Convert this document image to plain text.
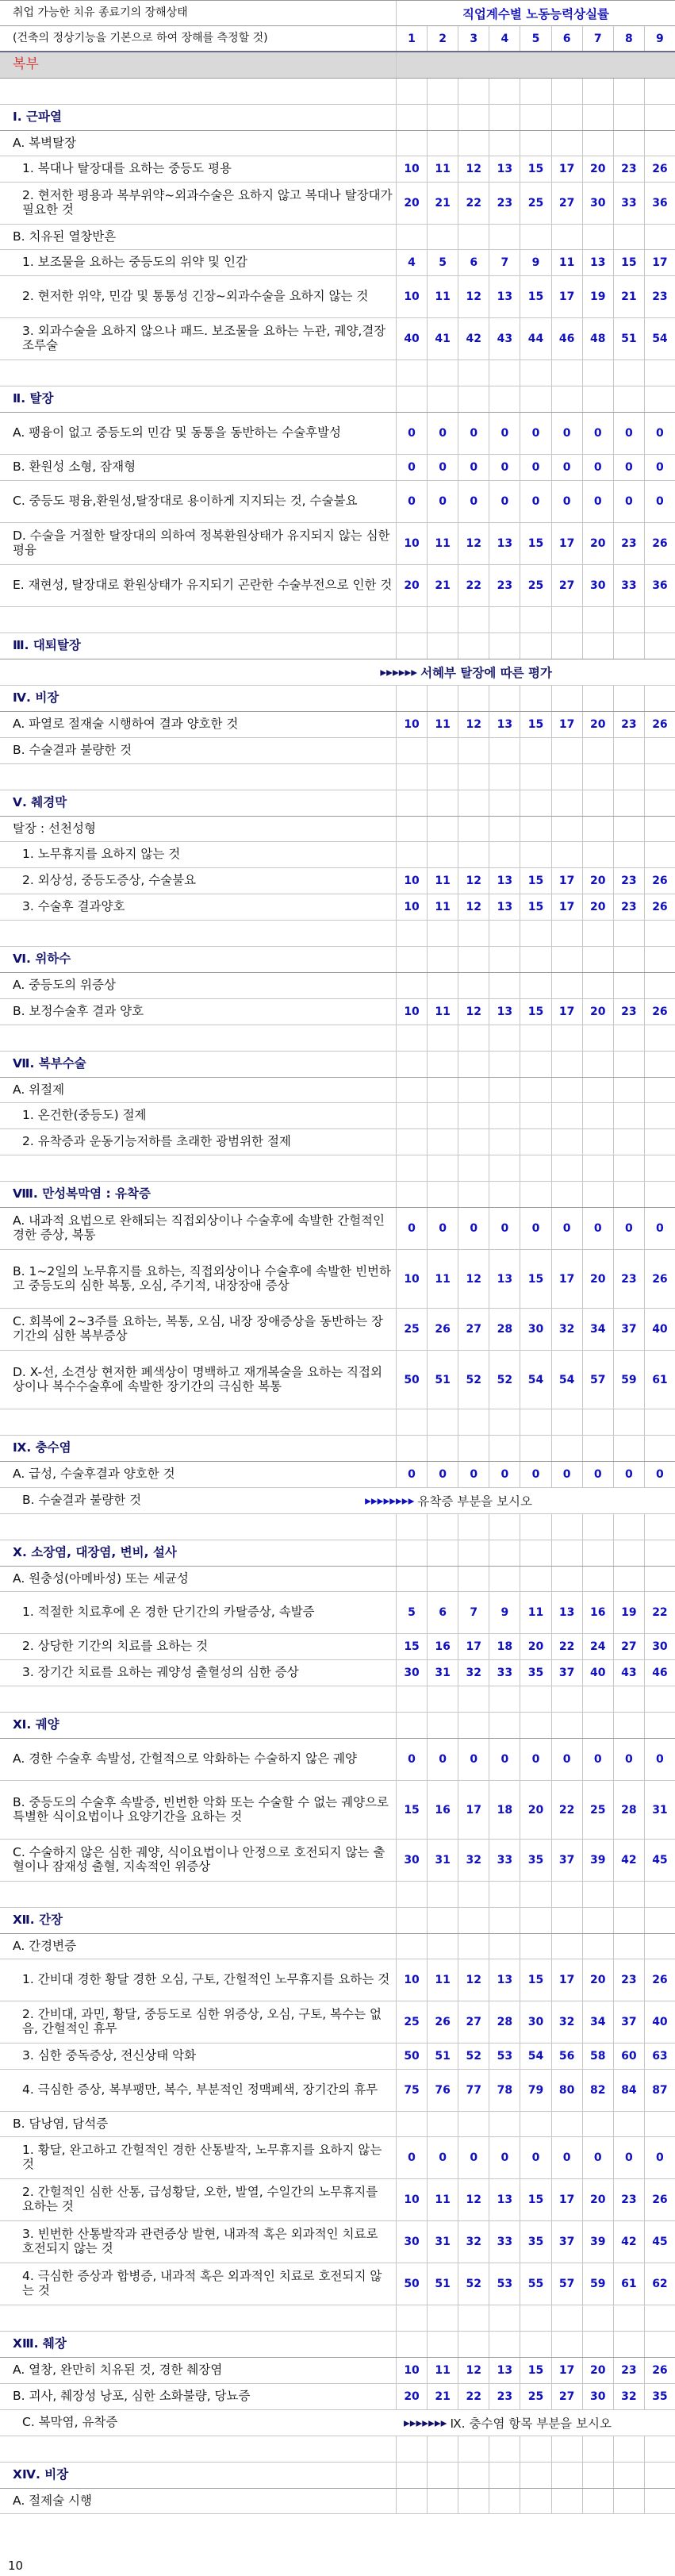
취업 가능한 치유 종료기의 장해상태	직업계수별 노동능력상실률
(건축의 정상기능을 기본으로 하여 장해를 측정할 것)	1	2	3	4	5	6	7	8	9
복부
Ⅰ. 근파열
A. 복벽탈장
1. 복대나 탈장대를 요하는 중등도 평용	10	11	12	13	15	17	20	23	26
2. 현저한 평용과 복부위약~외과수술은 요하지 않고 복대나 탈장대가 필요한 것	20	21	22	23	25	27	30	33	36
B. 치유된 열창반흔
1. 보조물을 요하는 중등도의 위약 및 인감	4	5	6	7	9	11	13	15	17
2. 현저한 위약, 민감 및 통통성 긴장~외과수술을 요하지 않는 것	10	11	12	13	15	17	19	21	23
3. 외과수술을 요하지 않으나 패드. 보조물을 요하는 누관, 궤양,결장조루술	40	41	42	43	44	46	48	51	54
Ⅱ. 탈장
A. 팽융이 없고 중등도의 민감 및 동통을 동반하는 수술후발성	0	0	0	0	0	0	0	0	0
B. 환원성 소형, 잠재형	0	0	0	0	0	0	0	0	0
C. 중등도 평융,환원성,탈장대로 용이하게 지지되는 것, 수술불요	0	0	0	0	0	0	0	0	0
D. 수술을 거절한 탈장대의 의하여 정복환원상태가 유지되지 않는 심한 평융	10	11	12	13	15	17	20	23	26
E. 재현성, 탈장대로 환원상태가 유지되기 곤란한 수술부전으로 인한 것	20	21	22	23	25	27	30	33	36
Ⅲ. 대퇴탈장
▸▸▸▸▸▸ 서혜부 탈장에 따른 평가
Ⅳ. 비장
A. 파열로 절재술 시행하여 결과 양호한 것	10	11	12	13	15	17	20	23	26
B. 수술결과 불량한 것
Ⅴ. 췌경막
탈장 : 선천성형
1. 노무휴지를 요하지 않는 것
2. 외상성, 중등도증상, 수술불요	10	11	12	13	15	17	20	23	26
3. 수술후 결과양호	10	11	12	13	15	17	20	23	26
Ⅵ. 위하수
A. 중등도의 위증상
B. 보정수술후 결과 양호	10	11	12	13	15	17	20	23	26
Ⅶ. 복부수술
A. 위절제
1. 온건한(중등도) 절제
2. 유착증과 운동기능저하를 초래한 광범위한 절제
Ⅷ. 만성복막염 : 유착증
A. 내과적 요법으로 완해되는 직접외상이나 수술후에 속발한 간헐적인 경한 증상, 복통	0	0	0	0	0	0	0	0	0
B. 1~2일의 노무휴지를 요하는, 직접외상이나 수술후에 속발한 빈번하고 중등도의 심한 복통, 오심, 주기적, 내장장애 증상	10	11	12	13	15	17	20	23	26
C. 회복에 2~3주를 요하는, 복통, 오심, 내장 장애증상을 동반하는 장기간의 심한 복부증상	25	26	27	28	30	32	34	37	40
D. X-선, 소견상 현저한 폐색상이 명백하고 재개복술을 요하는 직접외상이나 복수수술후에 속발한 장기간의 극심한 복통	50	51	52	52	54	54	57	59	61
Ⅸ. 충수염
A. 급성, 수술후결과 양호한 것	0	0	0	0	0	0	0	0	0
B. 수술결과 불량한 것	▸▸▸▸▸▸▸▸ 유착증 부분을 보시오
Ⅹ. 소장염, 대장염, 변비, 설사
A. 원충성(아메바성) 또는 세균성
1. 적절한 치료후에 온 경한 단기간의 카탈증상, 속발증	5	6	7	9	11	13	16	19	22
2. 상당한 기간의 치료를 요하는 것	15	16	17	18	20	22	24	27	30
3. 장기간 치료를 요하는 궤양성 출혈성의 심한 증상	30	31	32	33	35	37	40	43	46
Ⅺ. 궤양
A. 경한 수술후 속발성, 간헐적으로 악화하는 수술하지 않은 궤양	0	0	0	0	0	0	0	0	0
B. 중등도의 수술후 속발증, 빈번한 악화 또는 수술할 수 없는 궤양으로 특별한 식이요법이나 요양기간을 요하는 것	15	16	17	18	20	22	25	28	31
C. 수술하지 않은 심한 궤양, 식이요법이나 안정으로 호전되지 않는 출혈이나 잠재성 출혈, 지속적인 위증상	30	31	32	33	35	37	39	42	45
Ⅻ. 간장
A. 간경변증
1. 간비대 경한 황달 경한 오심, 구토, 간헐적인 노무휴지를 요하는 것	10	11	12	13	15	17	20	23	26
2. 간비대, 과민, 황달, 중등도로 심한 위증상, 오심, 구토, 복수는 없음, 간헐적인 휴무	25	26	27	28	30	32	34	37	40
3. 심한 중독증상, 전신상태 악화	50	51	52	53	54	56	58	60	63
4. 극심한 증상, 복부팽만, 복수, 부분적인 정맥폐색, 장기간의 휴무	75	76	77	78	79	80	82	84	87
B. 담낭염, 담석증
1. 황달, 완고하고 간헐적인 경한 산통발작, 노무휴지를 요하지 않는 것	0	0	0	0	0	0	0	0	0
2. 간헐적인 심한 산통, 급성황달, 오한, 발열, 수일간의 노무휴지를 요하는 것	10	11	12	13	15	17	20	23	26
3. 빈번한 산통발작과 관련증상 발현, 내과적 혹은 외과적인 치료로 호전되지 않는 것	30	31	32	33	35	37	39	42	45
4. 극심한 증상과 합병증, 내과적 혹은 외과적인 치료로 호전되지 않는 것	50	51	52	53	55	57	59	61	62
ⅩⅢ. 췌장
A. 열창, 완만히 치유된 것, 경한 췌장염	10	11	12	13	15	17	20	23	26
B. 괴사, 췌장성 낭포, 심한 소화불량, 당뇨증	20	21	22	23	25	27	30	32	35
C. 복막염, 유착증	▸▸▸▸▸▸▸ Ⅸ. 충수염 항목 부분을 보시오
ⅩⅣ. 비장
A. 절제술 시행
10
